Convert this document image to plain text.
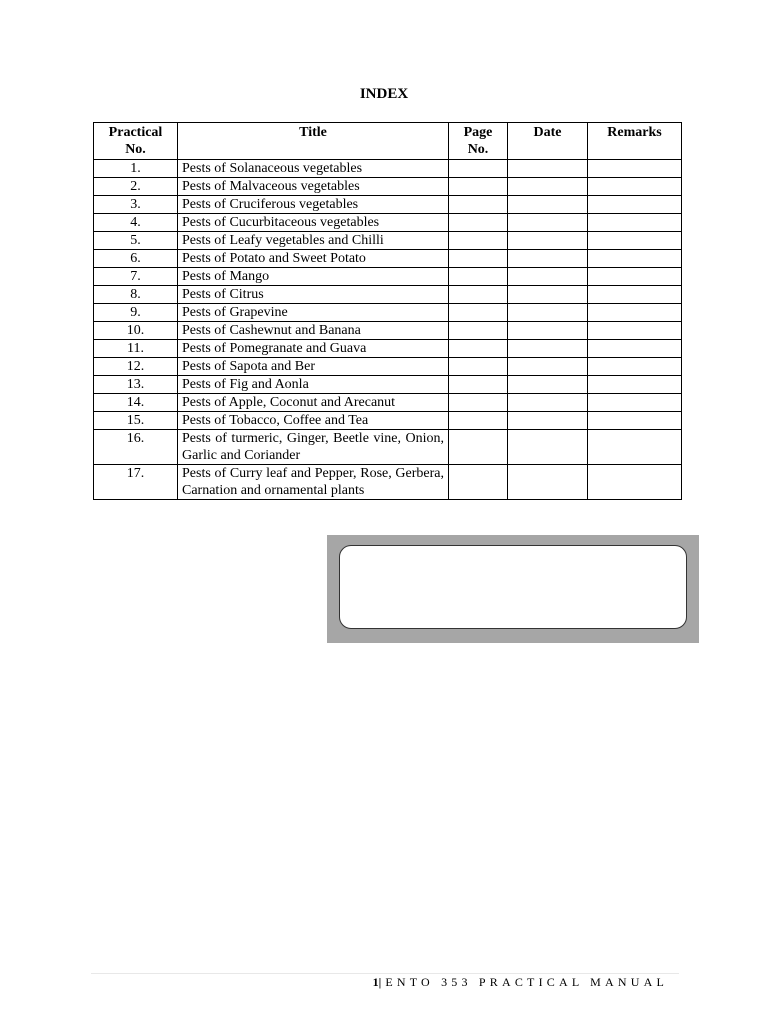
INDEX
Practical No.	Title	Page No.	Date	Remarks
1.	Pests of Solanaceous vegetables			
2.	Pests of Malvaceous vegetables			
3.	Pests of Cruciferous vegetables			
4.	Pests of Cucurbitaceous vegetables			
5.	Pests of Leafy vegetables and Chilli			
6.	Pests of Potato and Sweet Potato			
7.	Pests of Mango			
8.	Pests of Citrus			
9.	Pests of Grapevine			
10.	Pests of Cashewnut and Banana			
11.	Pests of Pomegranate and Guava			
12.	Pests of Sapota and Ber			
13.	Pests of Fig and Aonla			
14.	Pests of Apple, Coconut and Arecanut			
15.	Pests of Tobacco, Coffee and Tea			
16.	Pests of turmeric, Ginger, Beetle vine, Onion, Garlic and Coriander			
17.	Pests of Curry leaf and Pepper, Rose, Gerbera, Carnation and ornamental plants			
1| ENTO 353 PRACTICAL MANUAL
